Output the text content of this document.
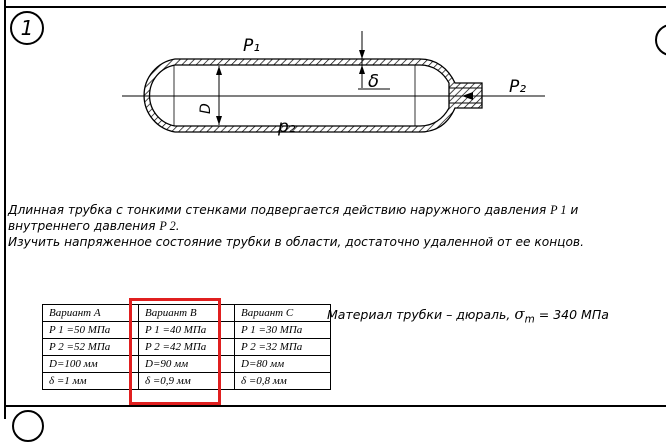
1
D
δ
P₁
p₂
P₂

Длинная трубка с тонкими стенками подвергается действию наружного давления P 1 и

внутреннего давления P 2.

Изучить напряженное состояние трубки в области, достаточно удаленной от ее концов.

Вариант А	Вариант B	Вариант С
P 1 =50 МПа	P 1 =40 МПа	P 1 =30 МПа
P 2 =52 МПа	P 2 =42 МПа	P 2 =32 МПа
D=100 мм	D=90 мм	D=80 мм
δ =1 мм	δ =0,9 мм	δ =0,8 мм
Материал трубки – дюраль, $\sigma_m = 340$ МПа
